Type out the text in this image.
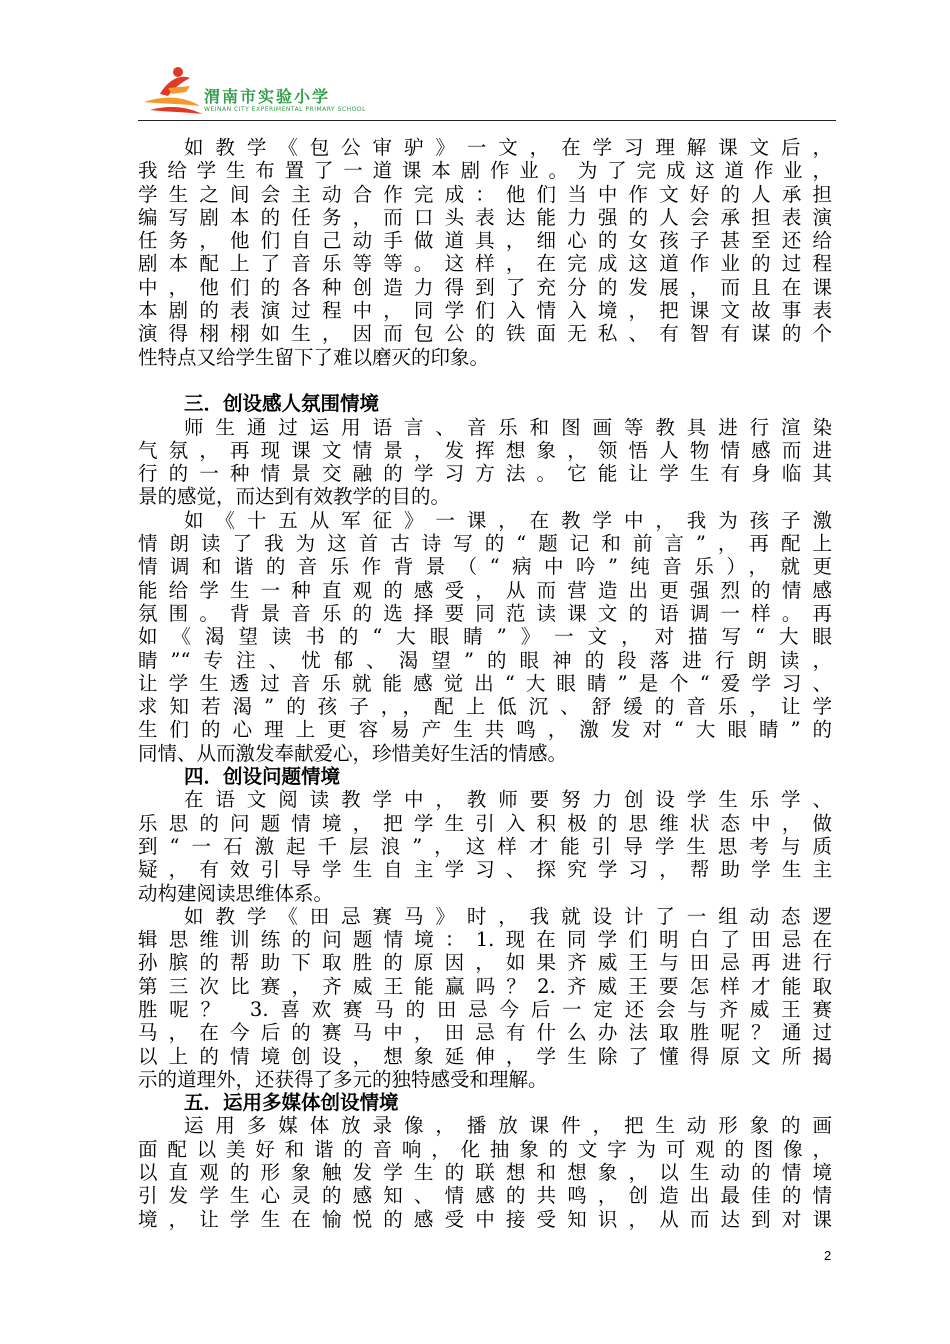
渭南市实验小学
WEINAN CITY EXPERIMENTAL PRIMARY SCHOOL
如教学《包公审驴》一文，在学习理解课文后，
我给学生布置了一道课本剧作业。为了完成这道作业，
学生之间会主动合作完成：他们当中作文好的人承担
编写剧本的任务，而口头表达能力强的人会承担表演
任务，他们自己动手做道具，细心的女孩子甚至还给
剧本配上了音乐等等。这样，在完成这道作业的过程
中，他们的各种创造力得到了充分的发展，而且在课
本剧的表演过程中，同学们入情入境，把课文故事表
演得栩栩如生，因而包公的铁面无私、有智有谋的个
性特点又给学生留下了难以磨灭的印象。
三．创设感人氛围情境
师生通过运用语言、音乐和图画等教具进行渲染
气氛，再现课文情景，发挥想象，领悟人物情感而进
行的一种情景交融的学习方法。它能让学生有身临其
景的感觉，而达到有效教学的目的。
如《十五从军征》一课，在教学中，我为孩子激
情朗读了我为这首古诗写的“题记和前言”，再配上
情调和谐的音乐作背景（“病中吟”纯音乐），就更
能给学生一种直观的感受，从而营造出更强烈的情感
氛围。背景音乐的选择要同范读课文的语调一样。再
如《渴望读书的“大眼睛”》一文，对描写“大眼
睛”“专注、忧郁、渴望”的眼神的段落进行朗读，
让学生透过音乐就能感觉出“大眼睛”是个“爱学习、
求知若渴”的孩子，，配上低沉、舒缓的音乐，让学
生们的心理上更容易产生共鸣，激发对“大眼睛”的
同情、从而激发奉献爱心，珍惜美好生活的情感。
四．创设问题情境
在语文阅读教学中，教师要努力创设学生乐学、
乐思的问题情境，把学生引入积极的思维状态中，做
到“一石激起千层浪”，这样才能引导学生思考与质
疑，有效引导学生自主学习、探究学习，帮助学生主
动构建阅读思维体系。
如教学《田忌赛马》时，我就设计了一组动态逻
辑思维训练的问题情境：1.现在同学们明白了田忌在
孙膑的帮助下取胜的原因，如果齐威王与田忌再进行
第三次比赛，齐威王能赢吗？2.齐威王要怎样才能取
胜呢？ 3.喜欢赛马的田忌今后一定还会与齐威王赛
马，在今后的赛马中，田忌有什么办法取胜呢？通过
以上的情境创设，想象延伸，学生除了懂得原文所揭
示的道理外，还获得了多元的独特感受和理解。
五．运用多媒体创设情境
运用多媒体放录像，播放课件，把生动形象的画
面配以美好和谐的音响，化抽象的文字为可观的图像，
以直观的形象触发学生的联想和想象，以生动的情境
引发学生心灵的感知、情感的共鸣，创造出最佳的情
境，让学生在愉悦的感受中接受知识，从而达到对课
2
